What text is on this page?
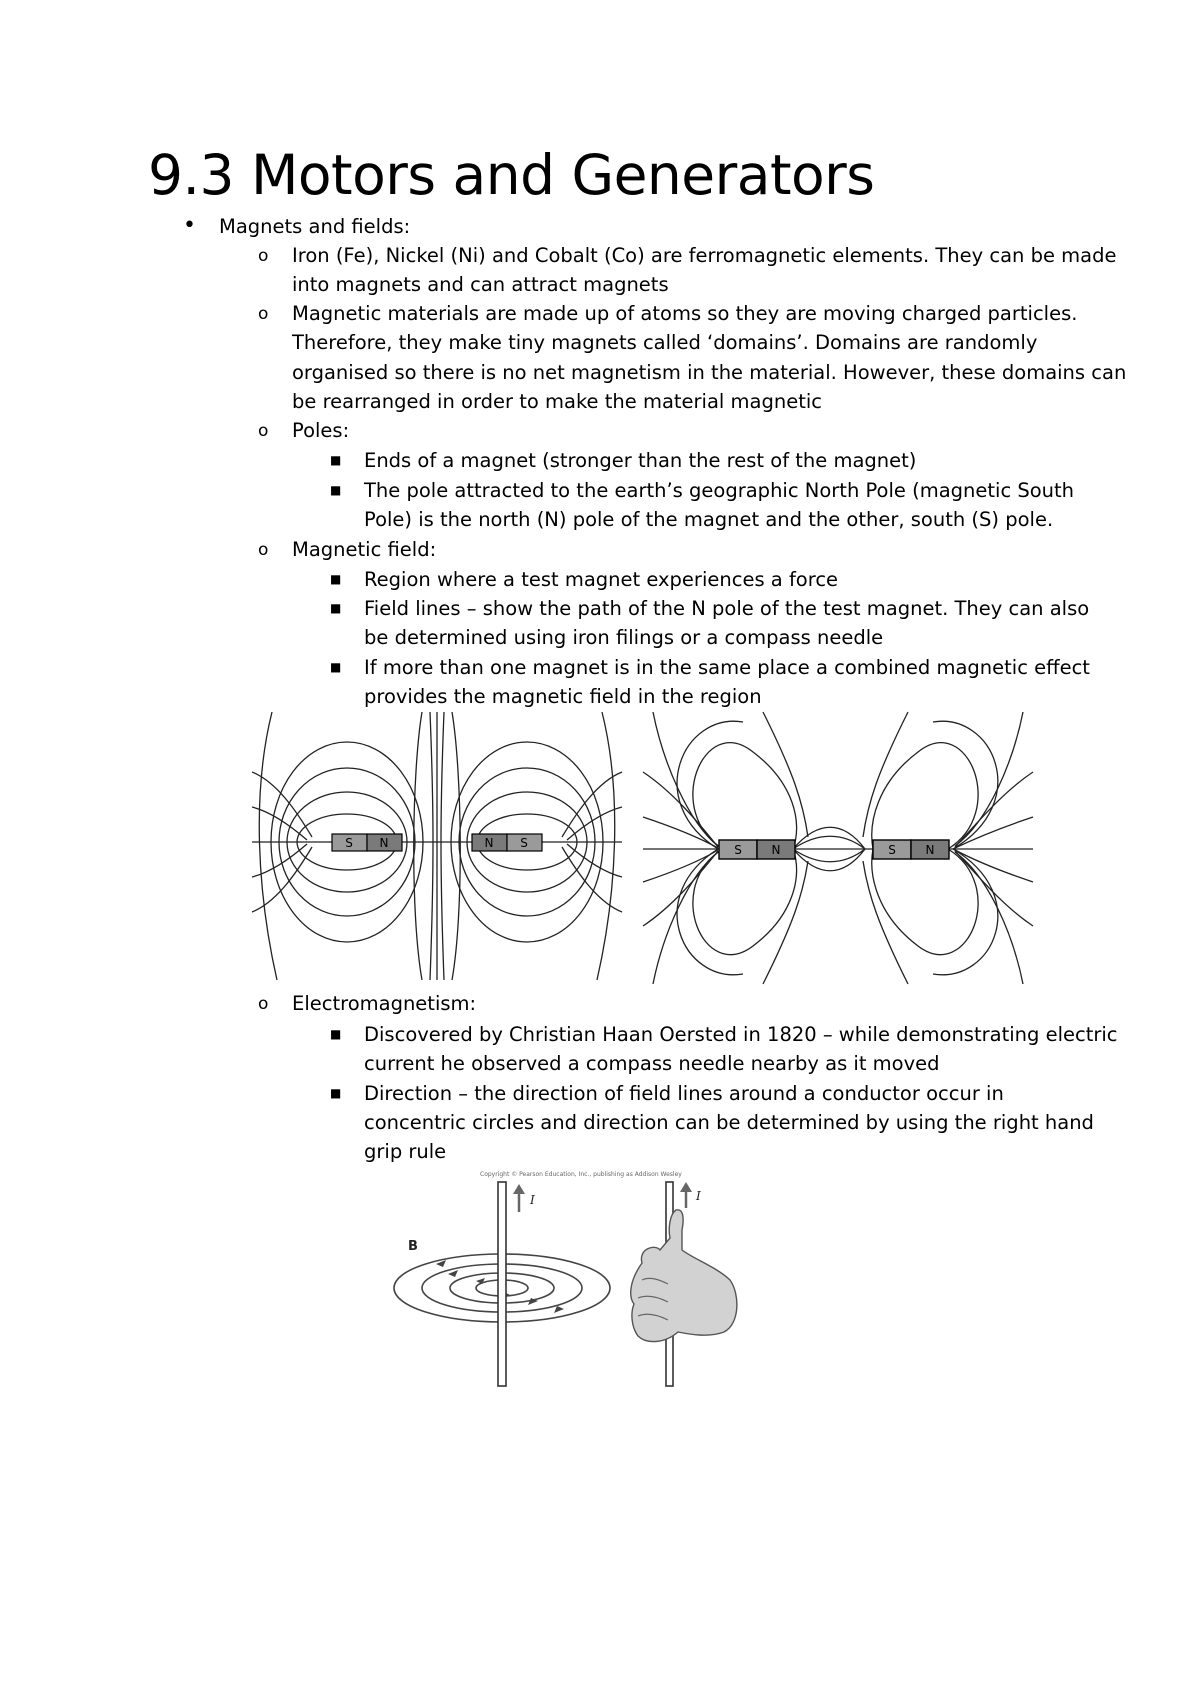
9.3 Motors and Generators
• Magnets and fields:
o Iron (Fe), Nickel (Ni) and Cobalt (Co) are ferromagnetic elements. They can be made
into magnets and can attract magnets
o Magnetic materials are made up of atoms so they are moving charged particles.
Therefore, they make tiny magnets called ‘domains’. Domains are randomly
organised so there is no net magnetism in the material. However, these domains can
be rearranged in order to make the material magnetic
o Poles:
■ Ends of a magnet (stronger than the rest of the magnet)
■ The pole attracted to the earth’s geographic North Pole (magnetic South
Pole) is the north (N) pole of the magnet and the other, south (S) pole.
o Magnetic field:
■ Region where a test magnet experiences a force
■ Field lines – show the path of the N pole of the test magnet. They can also
be determined using iron filings or a compass needle
■ If more than one magnet is in the same place a combined magnetic effect
provides the magnetic field in the region
S N	N S	S N	S N
o Electromagnetism:
■ Discovered by Christian Haan Oersted in 1820 – while demonstrating electric
current he observed a compass needle nearby as it moved
■ Direction – the direction of field lines around a conductor occur in
concentric circles and direction can be determined by using the right hand
grip rule
Copyright © Pearson Education, Inc., publishing as Addison Wesley
B
I	I
